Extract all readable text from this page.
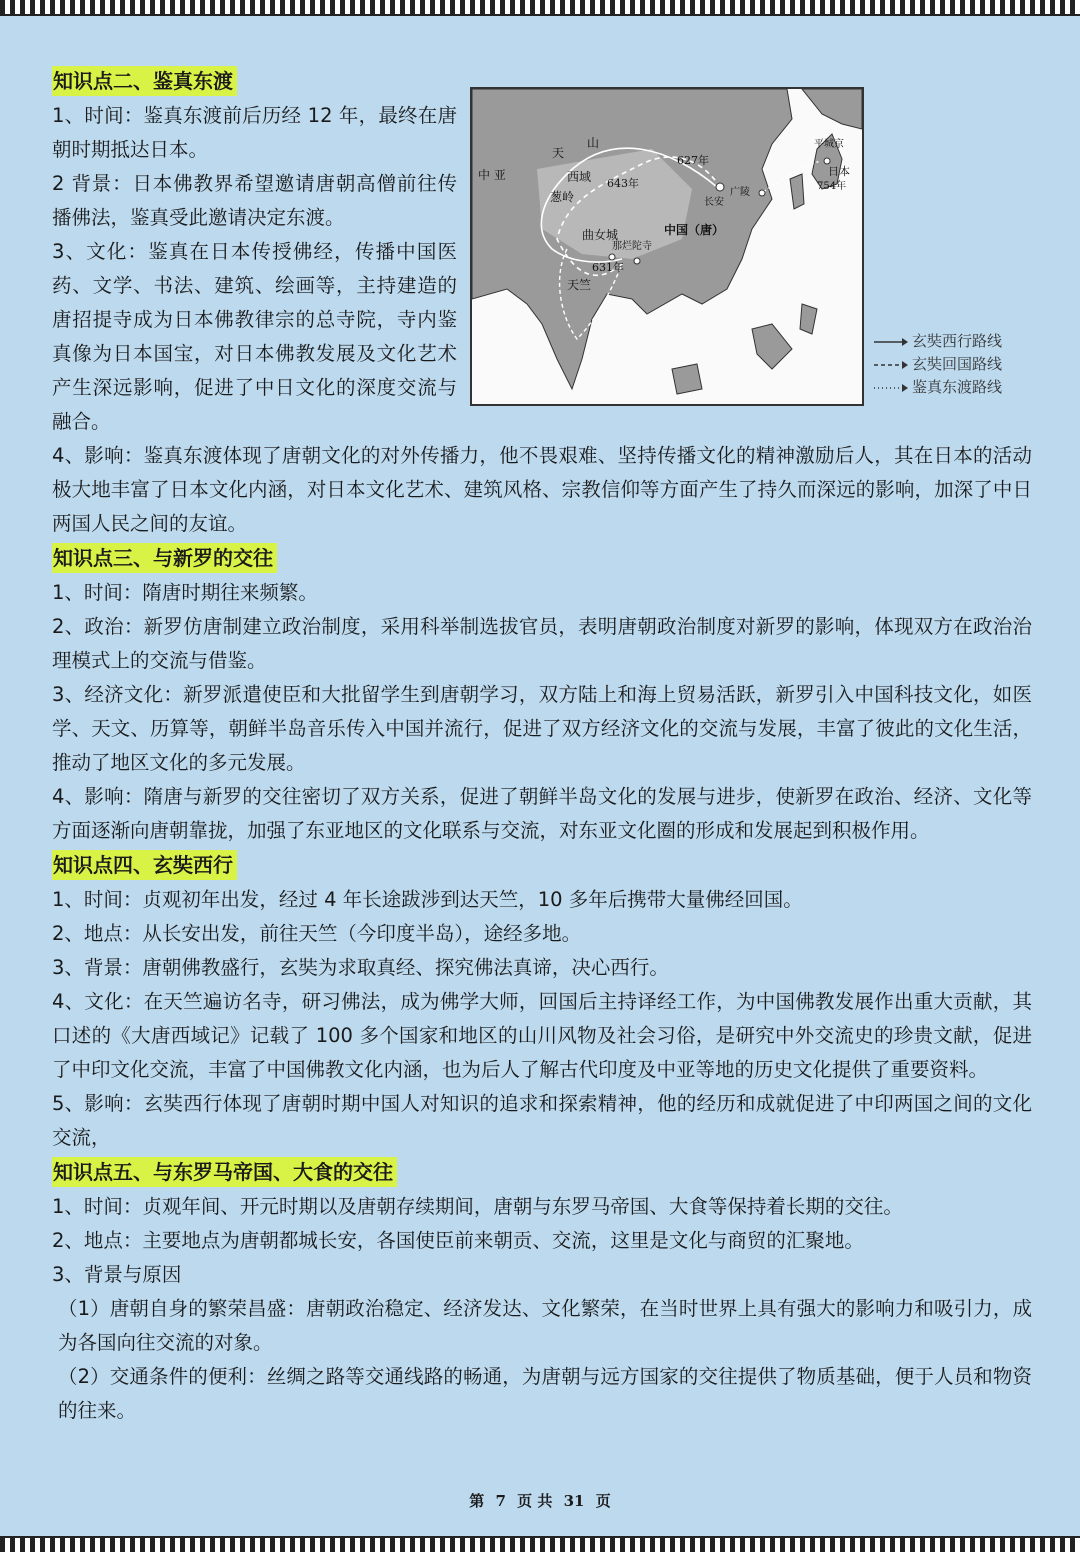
知识点二、鉴真东渡

1、时间：鉴真东渡前后历经 12 年，最终在唐朝时期抵达日本。

2 背景：日本佛教界希望邀请唐朝高僧前往传播佛法，鉴真受此邀请决定东渡。

3、文化：鉴真在日本传授佛经，传播中国医药、文学、书法、建筑、绘画等，主持建造的唐招提寺成为日本佛教律宗的总寺院，寺内鉴真像为日本国宝，对日本佛教发展及文化艺术产生深远影响，促进了中日文化的深度交流与融合。

4、影响：鉴真东渡体现了唐朝文化的对外传播力，他不畏艰难、坚持传播文化的精神激励后人，其在日本的活动极大地丰富了日本文化内涵，对日本文化艺术、建筑风格、宗教信仰等方面产生了持久而深远的影响，加深了中日两国人民之间的友谊。

知识点三、与新罗的交往

1、时间：隋唐时期往来频繁。

2、政治：新罗仿唐制建立政治制度，采用科举制选拔官员，表明唐朝政治制度对新罗的影响，体现双方在政治治理模式上的交流与借鉴。

3、经济文化：新罗派遣使臣和大批留学生到唐朝学习，双方陆上和海上贸易活跃，新罗引入中国科技文化，如医学、天文、历算等，朝鲜半岛音乐传入中国并流行，促进了双方经济文化的交流与发展，丰富了彼此的文化生活，推动了地区文化的多元发展。

4、影响：隋唐与新罗的交往密切了双方关系，促进了朝鲜半岛文化的发展与进步，使新罗在政治、经济、文化等方面逐渐向唐朝靠拢，加强了东亚地区的文化联系与交流，对东亚文化圈的形成和发展起到积极作用。

知识点四、玄奘西行

1、时间：贞观初年出发，经过 4 年长途跋涉到达天竺，10 多年后携带大量佛经回国。

2、地点：从长安出发，前往天竺（今印度半岛），途经多地。

3、背景：唐朝佛教盛行，玄奘为求取真经、探究佛法真谛，决心西行。

4、文化：在天竺遍访名寺，研习佛法，成为佛学大师，回国后主持译经工作，为中国佛教发展作出重大贡献，其口述的《大唐西域记》记载了 100 多个国家和地区的山川风物及社会习俗，是研究中外交流史的珍贵文献，促进了中印文化交流，丰富了中国佛教文化内涵，也为后人了解古代印度及中亚等地的历史文化提供了重要资料。

5、影响：玄奘西行体现了唐朝时期中国人对知识的追求和探索精神，他的经历和成就促进了中印两国之间的文化交流，

知识点五、与东罗马帝国、大食的交往

1、时间：贞观年间、开元时期以及唐朝存续期间，唐朝与东罗马帝国、大食等保持着长期的交往。

2、地点：主要地点为唐朝都城长安，各国使臣前来朝贡、交流，这里是文化与商贸的汇聚地。

3、背景与原因

（1）唐朝自身的繁荣昌盛：唐朝政治稳定、经济发达、文化繁荣，在当时世界上具有强大的影响力和吸引力，成为各国向往交流的对象。

（2）交通条件的便利：丝绸之路等交通线路的畅通，为唐朝与远方国家的交往提供了物质基础，便于人员和物资的往来。

天
山
中 亚	西域
葱岭
643年
627年
长安
广陵
平城京
日本
754年
曲女城
那烂陀寺
631年
天竺
中国（唐）
玄奘西行路线
玄奘回国路线
鉴真东渡路线
第 7 页 共 31 页
